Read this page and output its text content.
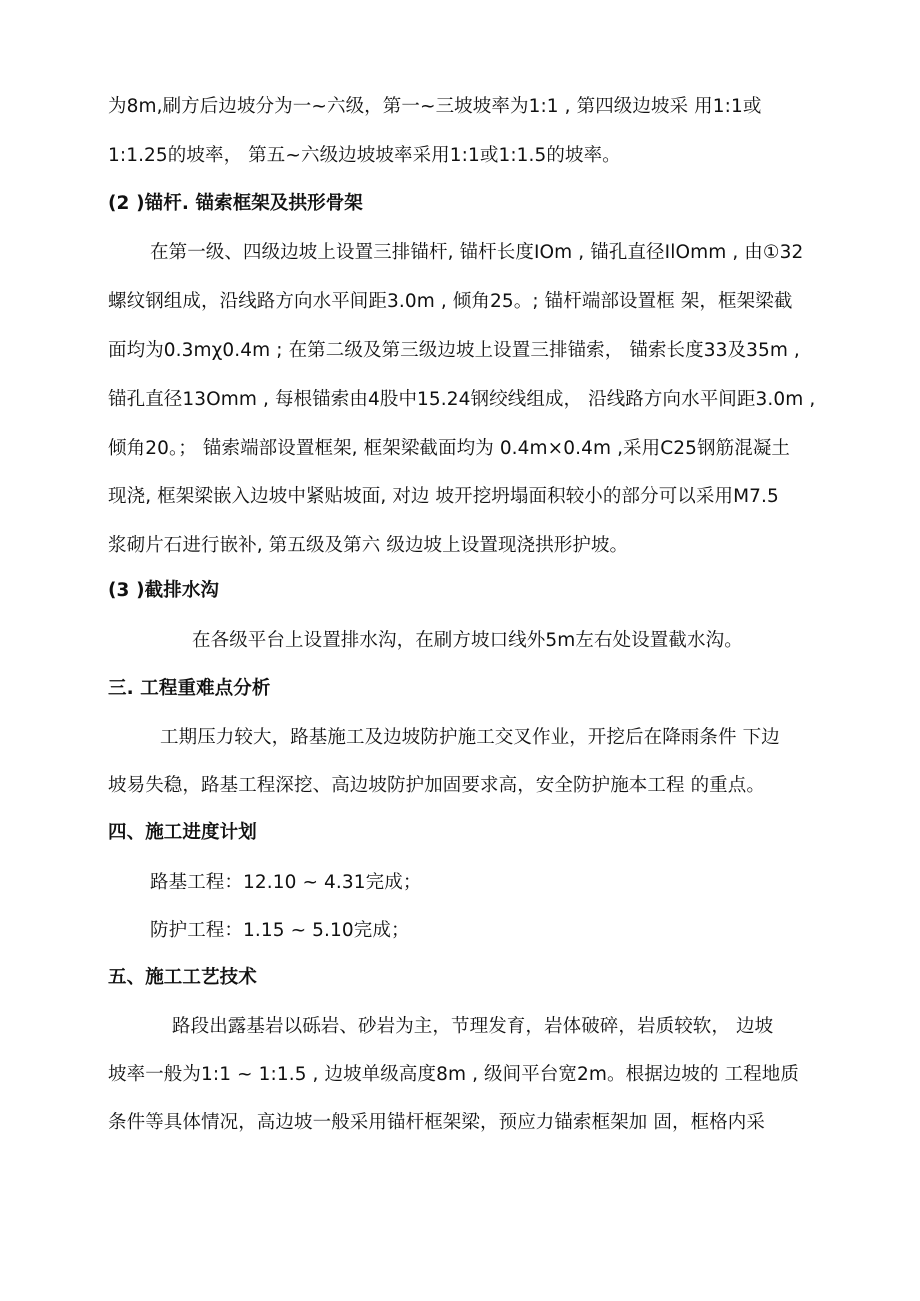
为8m,刷方后边坡分为一~六级，第一~三坡坡率为1:1 , 第四级边坡采 用1:1或
1:1.25的坡率， 第五~六级边坡坡率采用1:1或1:1.5的坡率。
(2 )锚杆. 锚索框架及拱形骨架
在第一级、四级边坡上设置三排锚杆, 锚杆长度IOm , 锚孔直径IlOmm , 由①32
螺纹钢组成，沿线路方向水平间距3.0m , 倾角25。; 锚杆端部设置框 架，框架梁截
面均为0.3mχ0.4m ; 在第二级及第三级边坡上设置三排锚索， 锚索长度33及35m ,
锚孔直径13Omm , 每根锚索由4股中15.24钢绞线组成， 沿线路方向水平间距3.0m ,
倾角20。； 锚索端部设置框架, 框架梁截面均为 0.4m×0.4m ,采用C25钢筋混凝土
现浇, 框架梁嵌入边坡中紧贴坡面, 对边 坡开挖坍塌面积较小的部分可以采用M7.5
浆砌片石进行嵌补, 第五级及第六 级边坡上设置现浇拱形护坡。
(3 )截排水沟
在各级平台上设置排水沟，在刷方坡口线外5m左右处设置截水沟。
三. 工程重难点分析
工期压力较大，路基施工及边坡防护施工交叉作业，开挖后在降雨条件 下边
坡易失稳，路基工程深挖、高边坡防护加固要求高，安全防护施本工程 的重点。
四、施工进度计划
路基工程：12.10 ~ 4.31完成；
防护工程：1.15 ~ 5.10完成；
五、施工工艺技术
路段出露基岩以砾岩、砂岩为主，节理发育，岩体破碎，岩质较软， 边坡
坡率一般为1:1 ~ 1:1.5 , 边坡单级高度8m , 级间平台宽2m。根据边坡的 工程地质
条件等具体情况，高边坡一般采用锚杆框架梁，预应力锚索框架加 固，框格内采
